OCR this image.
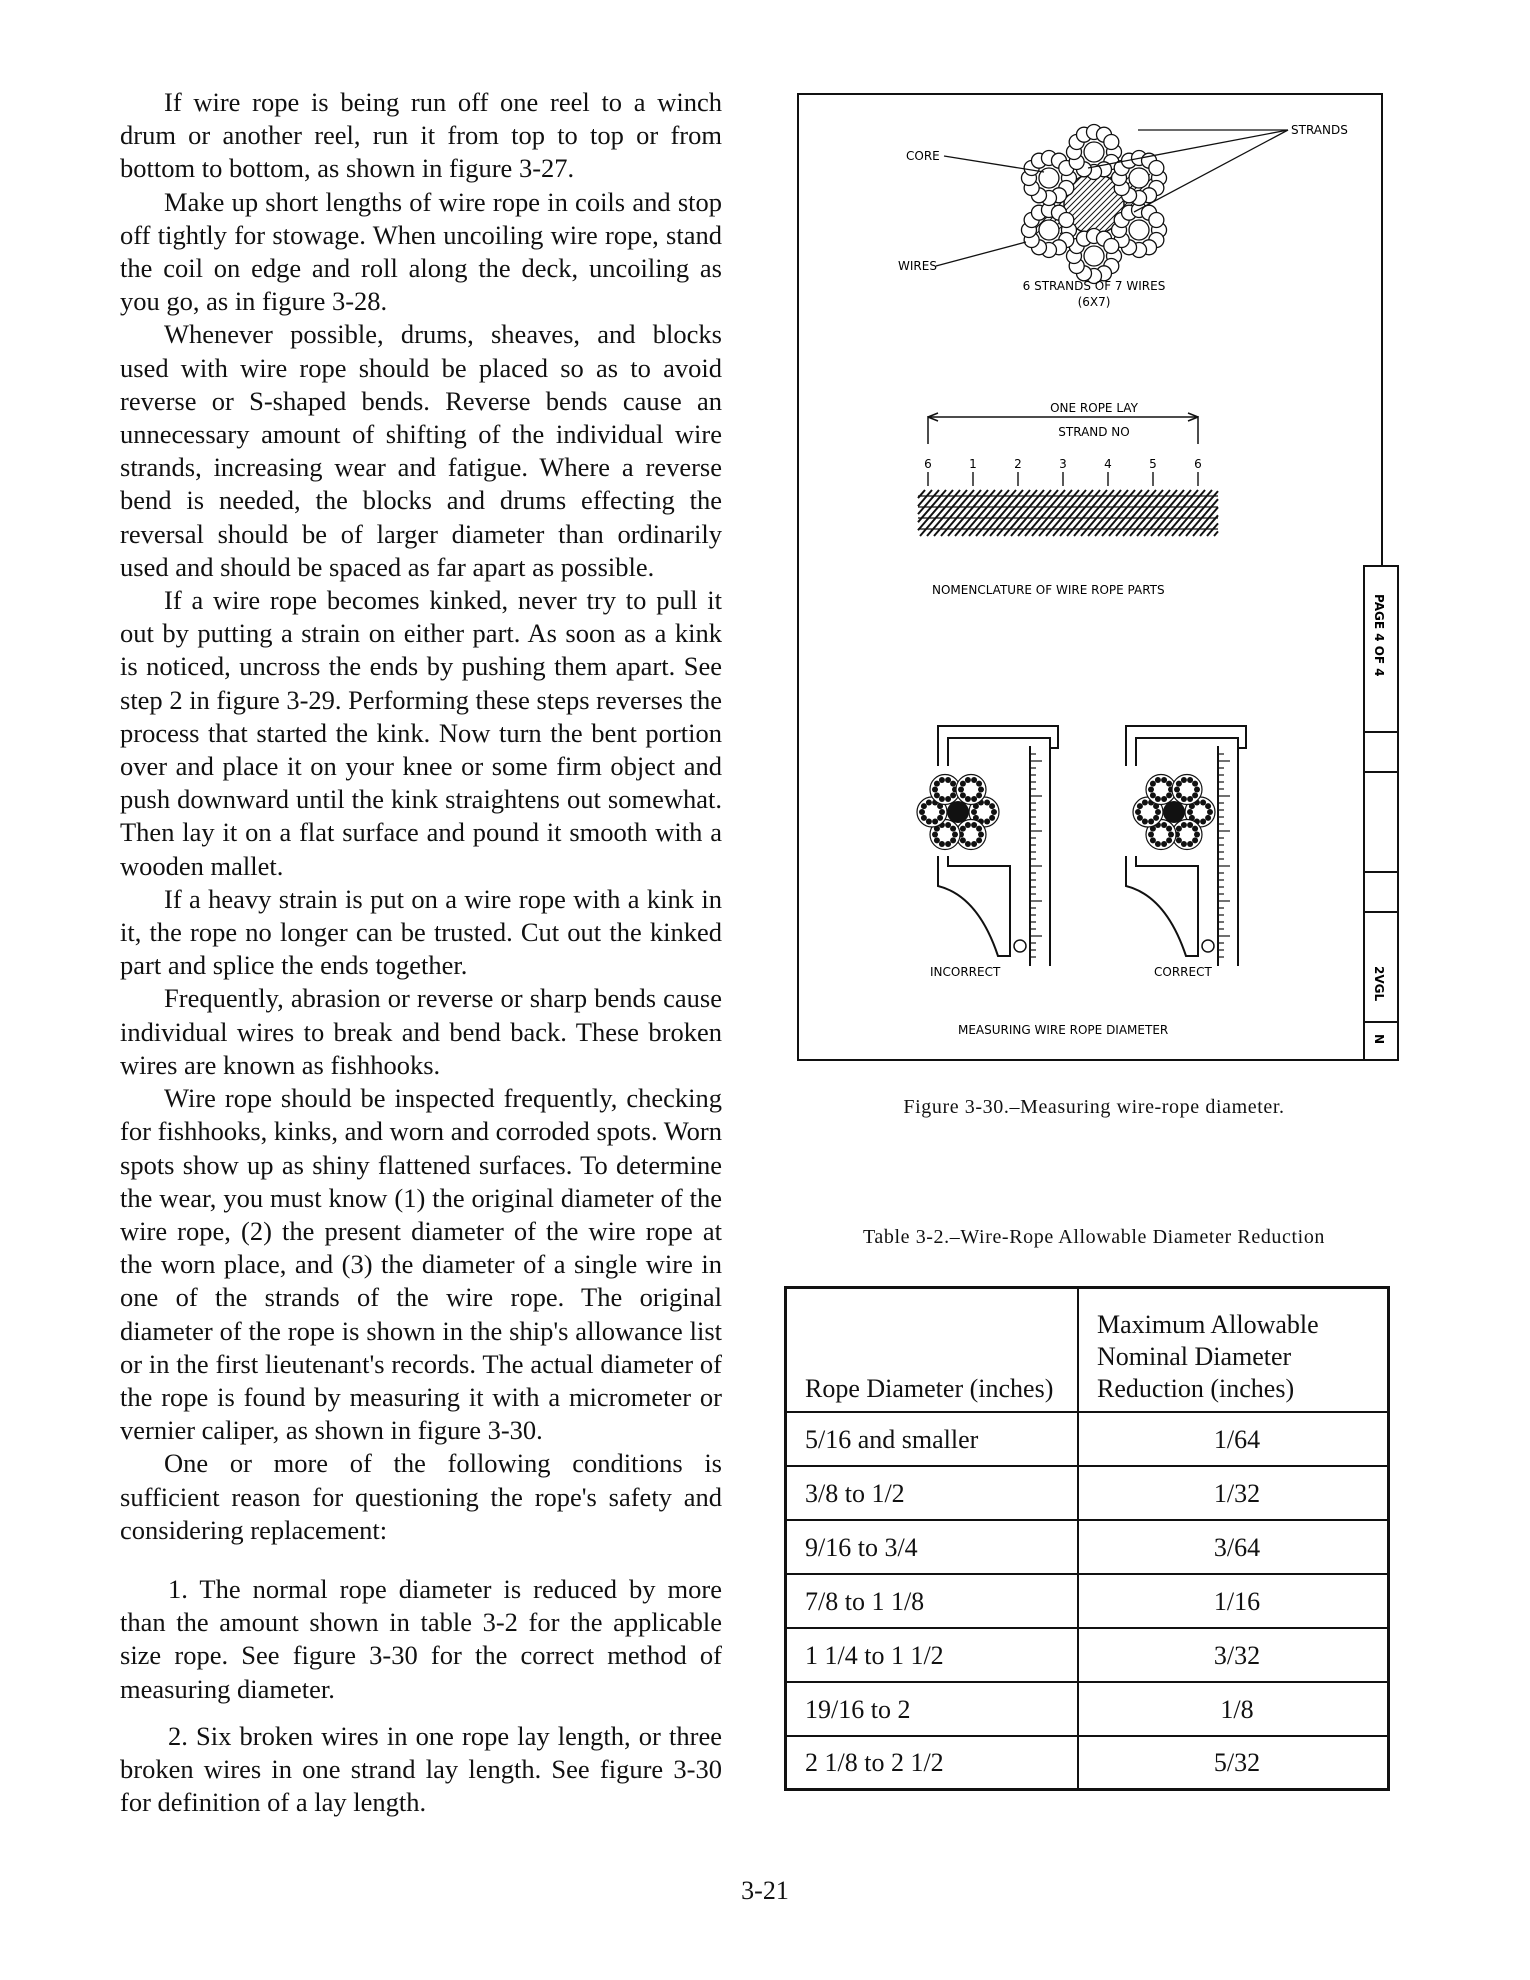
If wire rope is being run off one reel to a winch drum or another reel, run it from top to top or from bottom to bottom, as shown in figure 3-27.

Make up short lengths of wire rope in coils and stop off tightly for stowage. When uncoiling wire rope, stand the coil on edge and roll along the deck, uncoiling as you go, as in figure 3-28.

Whenever possible, drums, sheaves, and blocks used with wire rope should be placed so as to avoid reverse or S-shaped bends. Reverse bends cause an unnecessary amount of shifting of the individual wire strands, increasing wear and fatigue. Where a reverse bend is needed, the blocks and drums effecting the reversal should be of larger diameter than ordinarily used and should be spaced as far apart as possible.

If a wire rope becomes kinked, never try to pull it out by putting a strain on either part. As soon as a kink is noticed, uncross the ends by pushing them apart. See step 2 in figure 3-29. Performing these steps reverses the process that started the kink. Now turn the bent portion over and place it on your knee or some firm object and push downward until the kink straightens out somewhat. Then lay it on a flat surface and pound it smooth with a wooden mallet.

If a heavy strain is put on a wire rope with a kink in it, the rope no longer can be trusted. Cut out the kinked part and splice the ends together.

Frequently, abrasion or reverse or sharp bends cause individual wires to break and bend back. These broken wires are known as fishhooks.

Wire rope should be inspected frequently, checking for fishhooks, kinks, and worn and corroded spots. Worn spots show up as shiny flattened surfaces. To determine the wear, you must know (1) the original diameter of the wire rope, (2) the present diameter of the wire rope at the worn place, and (3) the diameter of a single wire in one of the strands of the wire rope. The original diameter of the rope is shown in the ship's allowance list or in the first lieutenant's records. The actual diameter of the rope is found by measuring it with a micrometer or vernier caliper, as shown in figure 3-30.

One or more of the following conditions is sufficient reason for questioning the rope's safety and considering replacement:

1. The normal rope diameter is reduced by more than the amount shown in table 3-2 for the applicable size rope. See figure 3-30 for the correct method of measuring diameter.

2. Six broken wires in one rope lay length, or three broken wires in one strand lay length. See figure 3-30 for definition of a lay length.

PAGE 4 OF 4
2VGL
N
STRANDS
CORE
WIRES
6 STRANDS OF 7 WIRES
(6X7)
ONE ROPE LAY
STRAND NO
6	1	2	3	4	5	6
NOMENCLATURE OF WIRE ROPE PARTS
INCORRECT	CORRECT
MEASURING WIRE ROPE DIAMETER
Figure 3-30.–Measuring wire-rope diameter.
Table 3-2.–Wire-Rope Allowable Diameter Reduction
Rope Diameter (inches)	Maximum Allowable
Nominal Diameter
Reduction (inches)

5/16 and smaller	1/64
3/8 to 1/2	1/32
9/16 to 3/4	3/64
7/8 to 1 1/8	1/16
1 1/4 to 1 1/2	3/32
19/16 to 2	1/8
2 1/8 to 2 1/2	5/32
3-21
